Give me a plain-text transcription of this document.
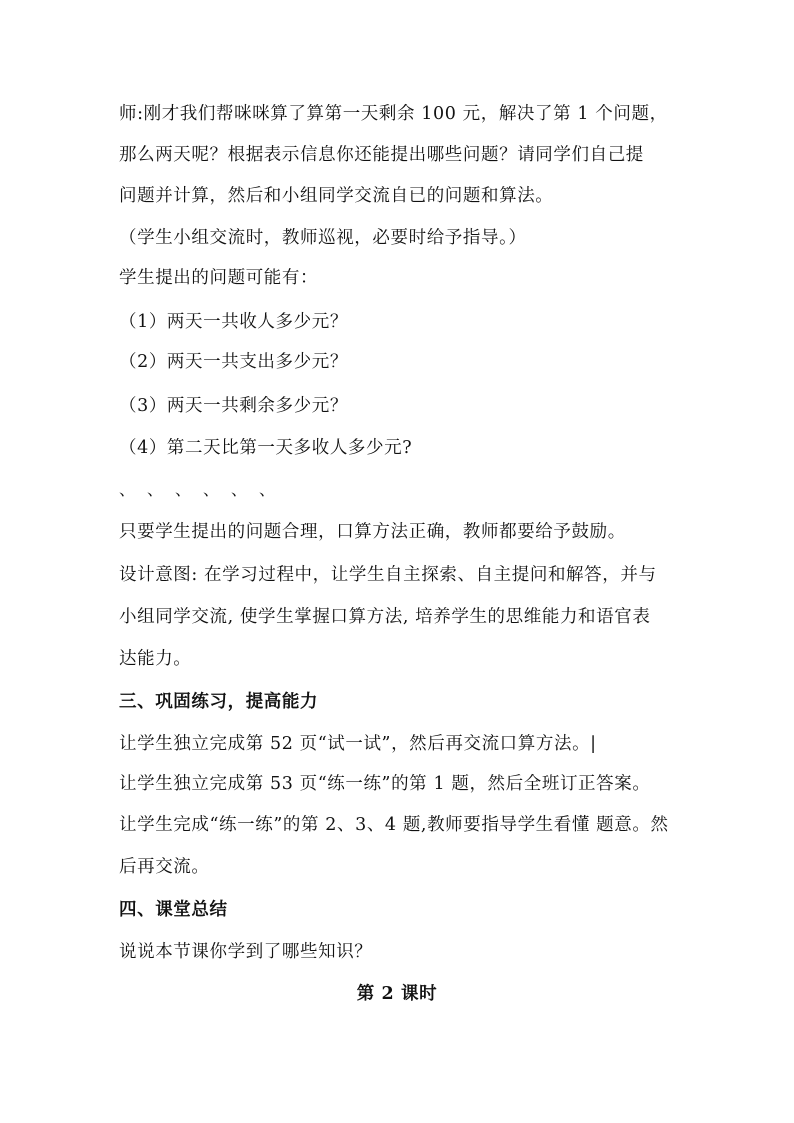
师:刚才我们帮咪咪算了算第一天剩余 100 元，解决了第 1 个问题，
那么两天呢？根据表示信息你还能提出哪些问题？请同学们自己提
问题并计算，然后和小组同学交流自已的问题和算法。
（学生小组交流时，教师巡视，必要时给予指导。）
学生提出的问题可能有：
（1）两天一共收人多少元？
（2）两天一共支出多少元？
（3）两天一共剩余多少元？
（4）第二天比第一天多收人多少元?
、 、 、 、 、 、
只要学生提出的问题合理，口算方法正确，教师都要给予鼓励。
设计意图: 在学习过程中，让学生自主探索、自主提问和解答，并与
小组同学交流, 使学生掌握口算方法, 培养学生的思维能力和语官表
达能力。
三、巩固练习，提高能力
让学生独立完成第 52 页“试一试”，然后再交流口算方法。|
让学生独立完成第 53 页“练一练”的第 1 题，然后全班订正答案。
让学生完成“练一练”的第 2、3、4 题,教师要指导学生看懂 题意。然
后再交流。
四、课堂总结
说说本节课你学到了哪些知识？
第 2 课时
